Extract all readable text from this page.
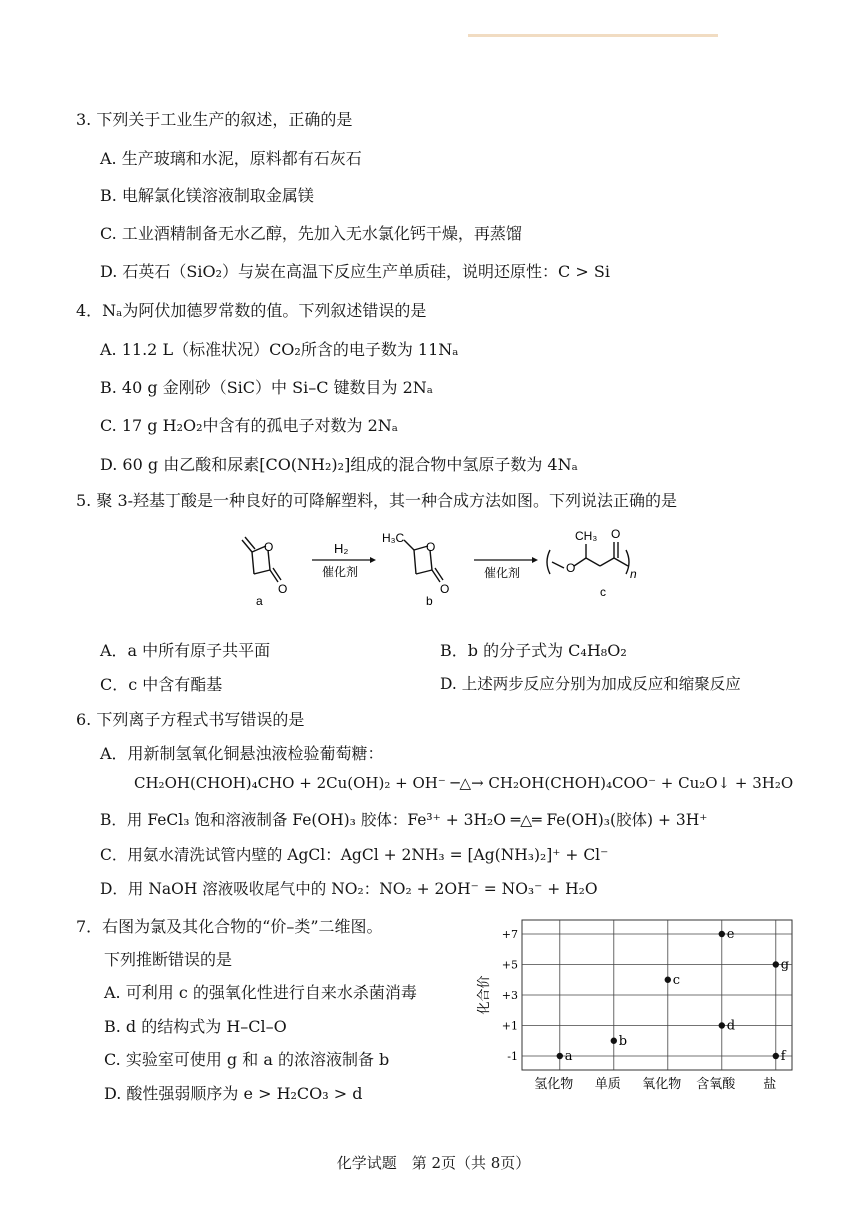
3. 下列关于工业生产的叙述，正确的是
A. 生产玻璃和水泥，原料都有石灰石
B. 电解氯化镁溶液制取金属镁
C. 工业酒精制备无水乙醇，先加入无水氯化钙干燥，再蒸馏
D. 石英石（SiO₂）与炭在高温下反应生产单质硅，说明还原性：C > Si
4．Nₐ为阿伏加德罗常数的值。下列叙述错误的是
A. 11.2 L（标准状况）CO₂所含的电子数为 11Nₐ
B. 40 g 金刚砂（SiC）中 Si–C 键数目为 2Nₐ
C. 17 g H₂O₂中含有的孤电子对数为 2Nₐ
D. 60 g 由乙酸和尿素[CO(NH₂)₂]组成的混合物中氢原子数为 4Nₐ
5. 聚 3-羟基丁酸是一种良好的可降解塑料，其一种合成方法如图。下列说法正确的是
O
O
a
H₂
催化剂
H₃C
O
O
b
催化剂	O
CH₃ O
n
c
A．a 中所有原子共平面	B．b 的分子式为 C₄H₈O₂
C．c 中含有酯基	D. 上述两步反应分别为加成反应和缩聚反应
6. 下列离子方程式书写错误的是
A．用新制氢氧化铜悬浊液检验葡萄糖：
CH₂OH(CHOH)₄CHO + 2Cu(OH)₂ + OH⁻ ─△→ CH₂OH(CHOH)₄COO⁻ + Cu₂O↓ + 3H₂O
B．用 FeCl₃ 饱和溶液制备 Fe(OH)₃ 胶体：Fe³⁺ + 3H₂O ═△═ Fe(OH)₃(胶体) + 3H⁺
C．用氨水清洗试管内壁的 AgCl：AgCl + 2NH₃ = [Ag(NH₃)₂]⁺ + Cl⁻
D．用 NaOH 溶液吸收尾气中的 NO₂：NO₂ + 2OH⁻ = NO₃⁻ + H₂O
7．右图为氯及其化合物的“价–类”二维图。
下列推断错误的是
A. 可利用 c 的强氧化性进行自来水杀菌消毒
B. d 的结构式为 H–Cl–O
C. 实验室可使用 g 和 a 的浓溶液制备 b
D. 酸性强弱顺序为 e > H₂CO₃ > d
+7
+5
+3
+1
-1
氢化物 单质 氧化物 含氧酸 盐
化合价
a
b
c
d
e
f
g
化学试题　第 2页（共 8页）
